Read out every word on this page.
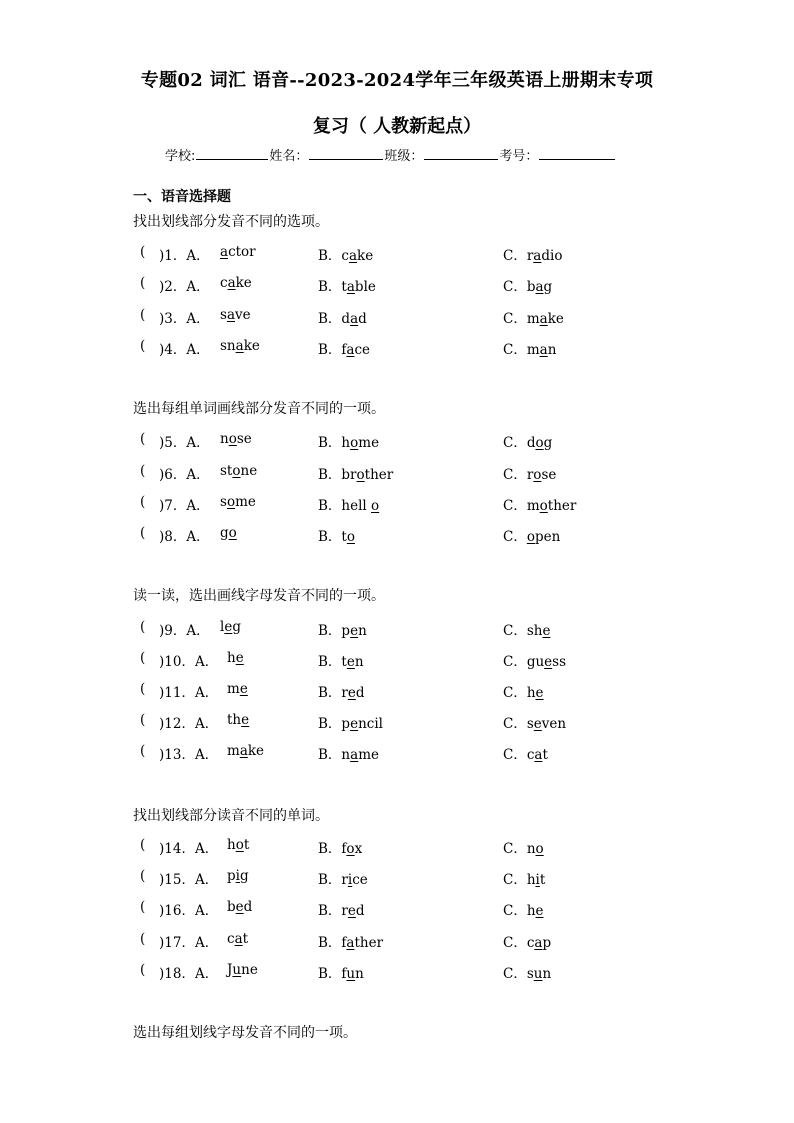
专题02 词汇 语音--2023-2024学年三年级英语上册期末专项
复习（ 人教新起点）
学校:	姓名：	班级：	考号：
一、语音选择题
找出划线部分发音不同的选项。
( )1．A． actor	B．cake	C．radio
( )2．A． cake	B．table	C．bag
( )3．A． save	B．dad	C．make
( )4．A． snake	B．face	C．man
选出每组单词画线部分发音不同的一项。
( )5．A． nose	B．home	C．dog
( )6．A． stone	B．brother	C．rose
( )7．A． some	B．hell o	C．mother
( )8．A． go	B．to	C．open
读一读，选出画线字母发音不同的一项。
( )9．A． leg	B．pen	C．she
( )10．A． he	B．ten	C．guess
( )11．A． me	B．red	C．he
( )12．A． the	B．pencil	C．seven
( )13．A． make	B．name	C．cat
找出划线部分读音不同的单词。
( )14．A． hot	B．fox	C．no
( )15．A． pig	B．rice	C．hit
( )16．A． bed	B．red	C．he
( )17．A． cat	B．father	C．cap
( )18．A． June	B．fun	C．sun
选出每组划线字母发音不同的一项。
